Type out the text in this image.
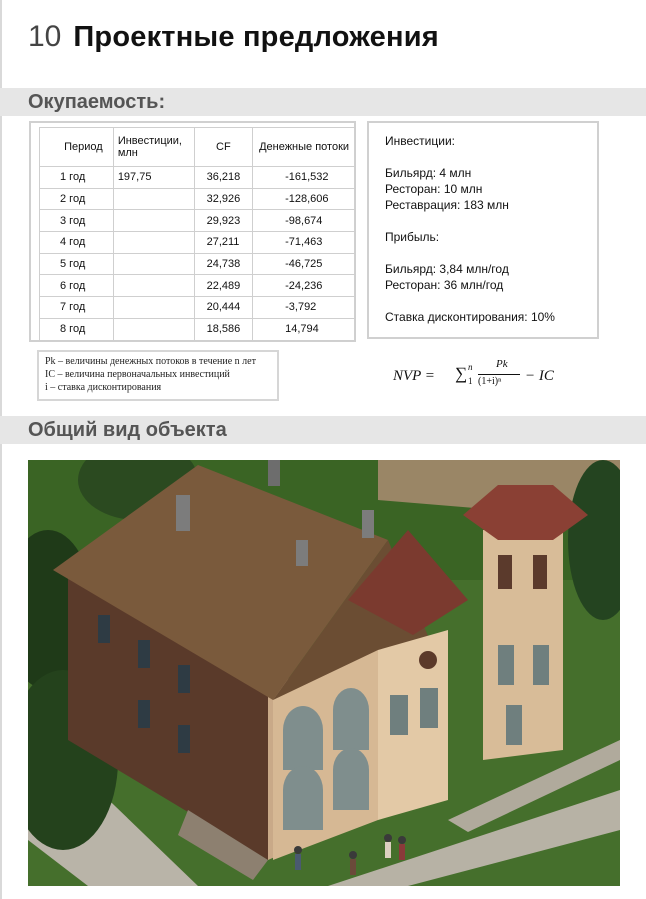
10 Проектные предложения
Окупаемость:
Период	Инвестиции, млн	CF	Денежные потоки
1 год	197,75	36,218	-161,532
2 год		32,926	-128,606
3 год		29,923	-98,674
4 год		27,211	-71,463
5 год		24,738	-46,725
6 год		22,489	-24,236
7 год		20,444	-3,792
8 год		18,586	14,794

Инвестиции:

Бильярд: 4 млн

Ресторан: 10 млн

Реставрация: 183 млн

Прибыль:

Бильярд: 3,84 млн/год

Ресторан: 36 млн/год

Ставка дисконтирования: 10%

Pk – величины денежных потоков в течение n лет

IC – величина первоначальных инвестиций

i – ставка дисконтирования

NVP = ∑ n
1
Pk
(1+i)ⁿ − IC
Общий вид объекта
